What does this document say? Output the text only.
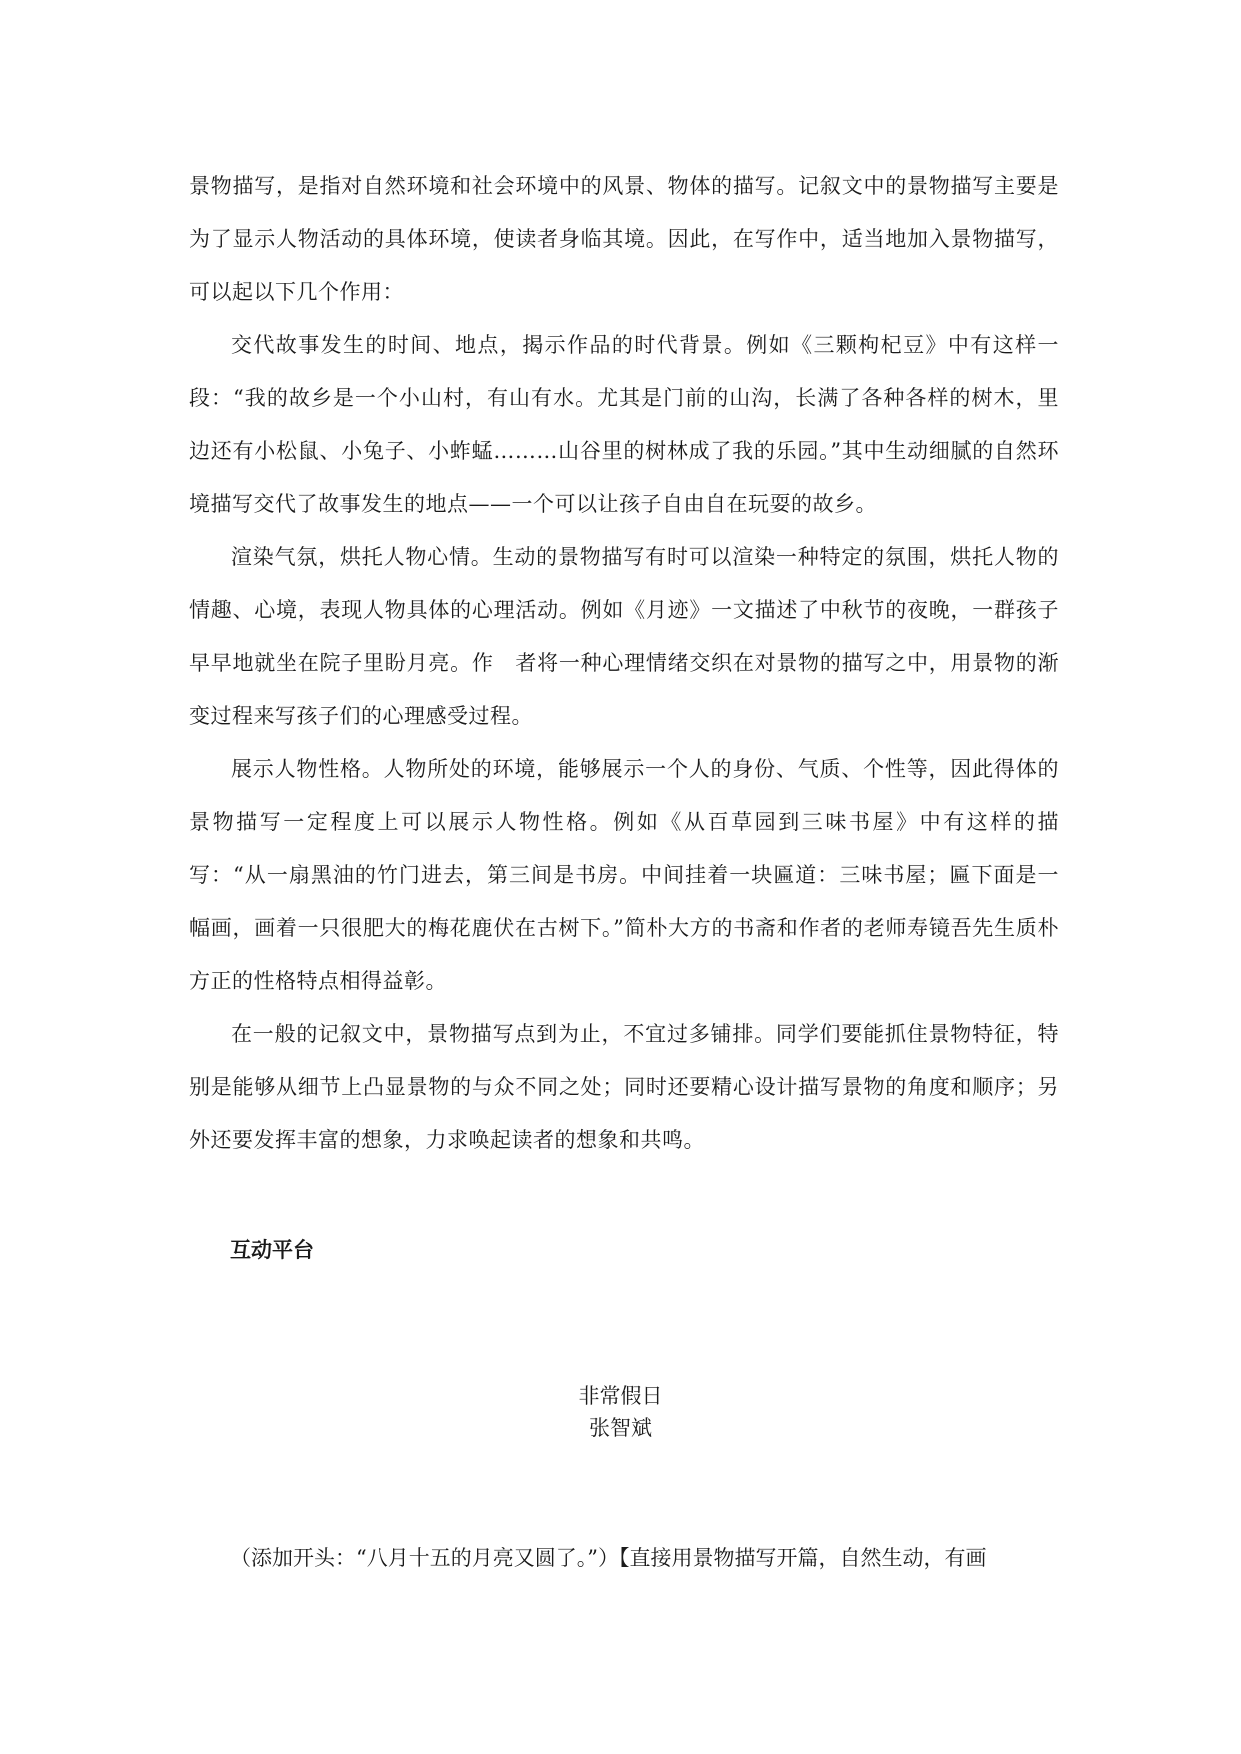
景物描写，是指对自然环境和社会环境中的风景、物体的描写。记叙文中的景物描写主要是为了显示人物活动的具体环境，使读者身临其境。因此，在写作中，适当地加入景物描写，可以起以下几个作用：

交代故事发生的时间、地点，揭示作品的时代背景。例如《三颗枸杞豆》中有这样一段：“我的故乡是一个小山村，有山有水。尤其是门前的山沟，长满了各种各样的树木，里边还有小松鼠、小兔子、小蚱蜢………山谷里的树林成了我的乐园。”其中生动细腻的自然环境描写交代了故事发生的地点——一个可以让孩子自由自在玩耍的故乡。

渲染气氛，烘托人物心情。生动的景物描写有时可以渲染一种特定的氛围，烘托人物的情趣、心境，表现人物具体的心理活动。例如《月迹》一文描述了中秋节的夜晚，一群孩子早早地就坐在院子里盼月亮。作　者将一种心理情绪交织在对景物的描写之中，用景物的渐变过程来写孩子们的心理感受过程。

展示人物性格。人物所处的环境，能够展示一个人的身份、气质、个性等，因此得体的景物描写一定程度上可以展示人物性格。例如《从百草园到三味书屋》中有这样的描写：“从一扇黑油的竹门进去，第三间是书房。中间挂着一块匾道：三味书屋；匾下面是一幅画，画着一只很肥大的梅花鹿伏在古树下。”简朴大方的书斋和作者的老师寿镜吾先生质朴方正的性格特点相得益彰。

在一般的记叙文中，景物描写点到为止，不宜过多铺排。同学们要能抓住景物特征，特别是能够从细节上凸显景物的与众不同之处；同时还要精心设计描写景物的角度和顺序；另外还要发挥丰富的想象，力求唤起读者的想象和共鸣。

互动平台
非常假日
张智斌
（添加开头：“八月十五的月亮又圆了。”）【直接用景物描写开篇，自然生动，有画
